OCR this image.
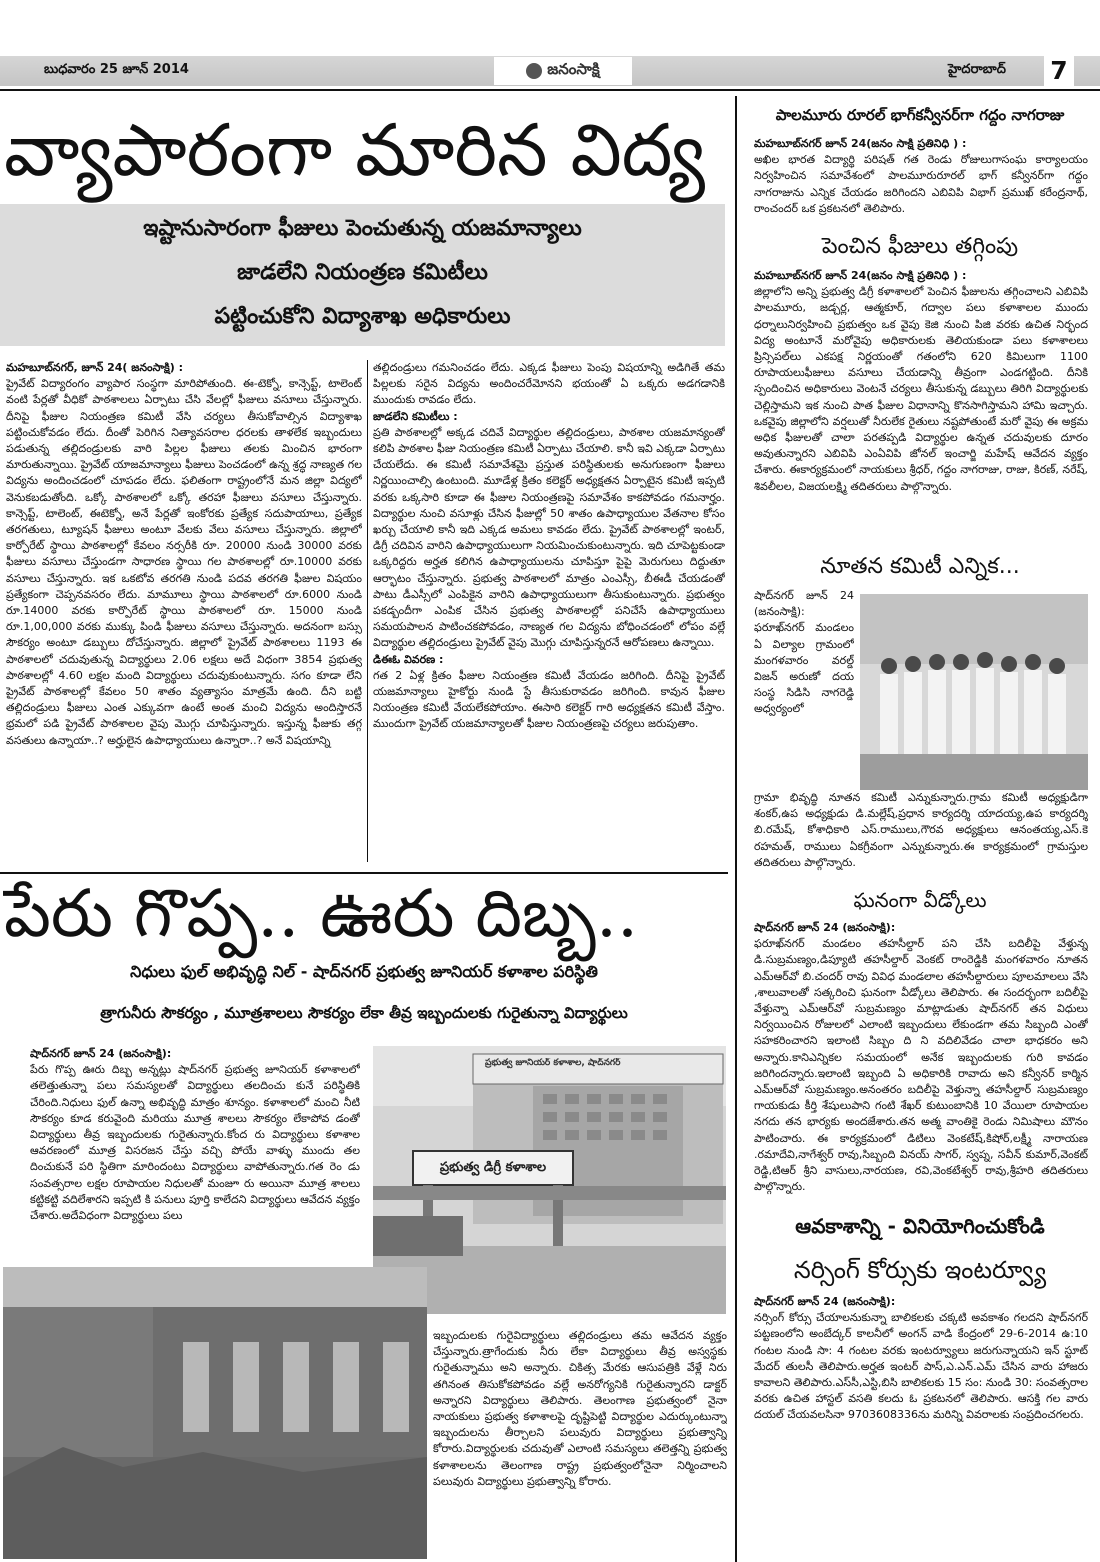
బుధవారం 25 జూన్ 2014	జనంసాక్షి	హైదరాబాద్ 7
వ్యాపారంగా మారిన విద్య
ఇష్టానుసారంగా ఫీజులు పెంచుతున్న యజమాన్యాలు
జాడలేని నియంత్రణ కమిటీలు
పట్టించుకోని విద్యాశాఖ అధికారులు
మహబూబ్‌నగర్, జూన్ 24( జనంసాక్షి) :

ప్రైవేట్ విద్యారంగం వ్యాపార సంస్థగా మారిపోతుంది. ఈ-టెక్నో, కాన్సెప్ట్, టాలెంట్ వంటి పేర్లతో వీధికో పాఠశాలలు ఏర్పాటు చేసి వేలల్లో ఫీజులు వసూలు చేస్తున్నారు. దీనిపై ఫీజుల నియంత్రణ కమిటీ వేసి చర్యలు తీసుకోవాల్సిన విద్యాశాఖ పట్టించుకోవడం లేదు. దీంతో పెరిగిన నిత్యావసరాల ధరలకు తాళలేక ఇబ్బందులు పడుతున్న తల్లిదండ్రులకు వారి పిల్లల ఫీజులు తలకు మించిన భారంగా మారుతున్నాయి. ప్రైవేట్ యాజమాన్యాలు ఫీజులు పెంచడంలో ఉన్న శ్రద్ధ నాణ్యత గల విద్యను అందించడంలో చూపడం లేదు. ఫలితంగా రాష్ట్రంలోనే మన జిల్లా విద్యలో వెనుకబడుతోంది. ఒక్కో పాఠశాలలో ఒక్కో తరహా ఫీజులు వసూలు చేస్తున్నారు. కాన్సెప్ట్, టాలెంట్, ఈటెక్నో, అనే పేర్లతో ఇంకోరకు ప్రత్యేక సదుపాయాలు, ప్రత్యేక తరగతులు, ట్యూషన్ ఫీజులు అంటూ వేలకు వేలు వసూలు చేస్తున్నారు. జిల్లాలో కార్పోరేట్ స్థాయి పాఠశాలల్లో కేవలం నర్సరీకి రూ. 20000 నుండి 30000 వరకు ఫీజులు వసూలు చేస్తుండగా సాధారణ స్థాయి గల పాఠశాలల్లో రూ.10000 వరకు వసూలు చేస్తున్నారు. ఇక ఒకటోవ తరగతి నుండి పదవ తరగతి ఫీజుల విషయం ప్రత్యేకంగా చెప్పనవసరం లేదు. మామూలు స్థాయి పాఠశాలలో రూ.6000 నుండి రూ.14000 వరకు కార్పొరేట్ స్థాయి పాఠశాలలో రూ. 15000 నుండి రూ.1,00,000 వరకు ముక్కు పిండి ఫీజులు వసూలు చేస్తున్నారు. అదనంగా బస్సు సౌకర్యం అంటూ డబ్బులు దోచేస్తున్నారు. జిల్లాలో ప్రైవేట్ పాఠశాలలు 1193 ఈ పాఠశాలలో చదువుతున్న విద్యార్థులు 2.06 లక్షలు అదే విధంగా 3854 ప్రభుత్వ పాఠశాలల్లో 4.60 లక్షల మంది విద్యార్థులు చదువుకుంటున్నారు. సగం కూడా లేని ప్రైవేట్ పాఠశాలల్లో కేవలం 50 శాతం వ్యత్యాసం మాత్రమే ఉంది. దీని బట్టి తల్లిదండ్రులు ఫీజులు ఎంత ఎక్కువగా ఉంటే అంత మంచి విద్యను అందిస్తారనే భ్రమలో పడి ప్రైవేట్ పాఠశాలల వైపు మొగ్గు చూపిస్తున్నారు. ఇస్తున్న ఫీజుకు తగ్గ వసతులు ఉన్నాయా..? అర్హులైన ఉపాధ్యాయులు ఉన్నారా..? అనే విషయాన్ని

తల్లిదండ్రులు గమనించడం లేదు. ఎక్కడ ఫీజులు పెంపు విషయాన్ని అడిగితే తమ పిల్లలకు సరైన విద్యను అందించరేమోనని భయంతో ఏ ఒక్కరు అడగడానికి ముందుకు రావడం లేదు.

జాడలేని కమిటీలు :

ప్రతి పాఠశాలల్లో అక్కడ చదివే విద్యార్థుల తల్లిదండ్రులు, పాఠశాల యజమాన్యంతో కలిపి పాఠశాల ఫీజు నియంత్రణ కమిటీ ఏర్పాటు చేయాలి. కానీ ఇవి ఎక్కడా ఏర్పాటు చేయలేదు. ఈ కమిటీ సమావేశమై ప్రస్తుత పరిస్థితులకు అనుగుణంగా ఫీజులు నిర్ణయించాల్సి ఉంటుంది. మూడేళ్ల క్రితం కలెక్టర్ అధ్యక్షతన ఏర్పాటైన కమిటీ ఇప్పటి వరకు ఒక్కసారి కూడా ఈ ఫీజుల నియంత్రణపై సమావేశం కాకపోవడం గమనార్హం. విద్యార్థుల నుంచి వసూళ్లు చేసిన ఫీజుల్లో 50 శాతం ఉపాధ్యాయుల వేతనాల కోసం ఖర్చు చేయాలి కానీ ఇది ఎక్కడ అమలు కావడం లేదు. ప్రైవేట్ పాఠశాలల్లో ఇంటర్, డిగ్రీ చదివిన వారిని ఉపాధ్యాయులుగా నియమించుకుంటున్నారు. ఇది చూపెట్టకుండా ఒక్కరిద్దరు అర్హత కలిగిన ఉపాధ్యాయులను చూపిస్తూ పైపై మెరుగులు దిద్దుతూ ఆర్భాటం చేస్తున్నారు. ప్రభుత్వ పాఠశాలలో మాత్రం ఎంఎస్సీ, బీఈడీ చేయడంతో పాటు డీఎస్సీలో ఎంపికైన వారిని ఉపాధ్యాయులుగా తీసుకుంటున్నారు. ప్రభుత్వం పకడ్బందీగా ఎంపిక చేసిన ప్రభుత్వ పాఠశాలల్లో పనిచేసే ఉపాధ్యాయులు సమయపాలన పాటించకపోవడం, నాణ్యత గల విద్యను బోధించడంలో లోపం వల్లే విద్యార్థుల తల్లిదండ్రులు ప్రైవేట్ వైపు మొగ్గు చూపిస్తున్నరనే ఆరోపణలు ఉన్నాయి.

డిఈఓ వివరణ :

గత 2 ఏళ్ల క్రితం ఫీజుల నియంత్రణ కమిటీ వేయడం జరిగింది. దీనిపై ప్రైవేట్ యజమాన్యాలు హైకోర్టు నుండి స్టే తీసుకురావడం జరిగింది. కావున ఫీజుల నియంత్రణ కమిటీ వేయలేకపోయాం. ఈసారి కలెక్టర్ గారి అధ్యక్షతన కమిటీ వేస్తాం. ముందుగా ప్రైవేట్ యజమాన్యాలతో ఫీజుల నియంత్రణపై చర్యలు జరుపుతాం.

పేరు గొప్ప.. ఊరు దిబ్బ..
నిధులు ఫుల్ అభివృద్ధి నిల్ - షాద్‌నగర్ ప్రభుత్వ జూనియర్ కళాశాల పరిస్థితి
త్రాగునీరు సౌకర్యం , మూత్రశాలలు సౌకర్యం లేకా తీవ్ర ఇబ్బందులకు గురైతున్నా విద్యార్థులు
షాద్‌నగర్ జూన్ 24 (జనంసాక్షి):

పేరు గొప్ప ఊరు దిబ్బ అన్నట్లు షాద్‌నగర్ ప్రభుత్వ జూనియర్ కళాశాలలో తలెత్తుతున్నా పలు సమస్యలతో విద్యార్థులు తలదించు కునే పరిస్థితికి చేరింది.నిధులు ఫుల్ ఉన్నా అభివృద్ధి మాత్రం శూన్యం. కళాశాలలో మంచి నీటి సౌకర్యం కూడ కరువైంది మరియు మూత్ర శాలలు సౌకర్యం లేకాపోవ డంతో విద్యార్థులు తీవ్ర ఇబ్బందులకు గురైతున్నారు.కోంద రు విద్యార్థులు కళాశాల ఆవరణంలో మూత్ర విసరజన చేస్తు వచ్చి పోయే వాళ్ళు ముందు తల దించుకునే పరి స్థితిగా మారిందంటు విద్యార్థులు వాపోతున్నారు.గత రెం డు సంవత్సరాల లక్షల రూపాయల నిధులతో మంజూ రు అయినా మూత్ర శాలలు కట్టికట్టి వదిలేశారని ఇప్పటి కి పనులు పూర్తి కాలేదని విద్యార్థులు ఆవేదన వ్యక్తం చేశారు.అదేవిధంగా విద్యార్థులు పలు

ప్రభుత్వ జూనియర్ కళాశాల, షాద్‌నగర్
ప్రభుత్వ డిగ్రీ కళాశాల

ఇబ్బందులకు గురైవిద్యార్థులు తల్లిదండ్రులు తమ ఆవేదన వ్యక్తం చేస్తున్నారు.త్రాగేందుకు నీరు లేకా విద్యార్థులు తీవ్ర అస్వస్థకు గురైతున్నాము అని అన్నారు. చికిత్స మేరకు ఆసుపత్రికి వేళ్లే నిరు తగినంత తిసుకోకపోవడం వల్లే అనరోగ్యనికి గురైతున్నారని డాక్టర్ అన్నారని విద్యార్థులు తెలిపారు. తెలంగాణ ప్రభుత్వంలో నైనా నాయకులు ప్రభుత్వ కళాశాలపై దృష్టిపెట్టి విద్యార్థుల ఎదుర్కుంటున్నా ఇబ్బందులను తీర్చాలని పలువురు విద్యార్థులు ప్రభుత్వాన్ని కోరారు.విద్యార్థులకు చదువుతో ఎలాంటి సమస్యలు తలెత్తన్ని ప్రభుత్వ కళాశాలలను తెలంగాణ రాష్ట్ర ప్రభుత్వంలోనైనా నిర్మించాలని పలువురు విద్యార్థులు ప్రభుత్వాన్ని కోరారు.

పాలమూరు రూరల్ భాగ్‌కన్వీనర్‌గా గద్దం నాగరాజు
మహబూబ్‌నగర్ జూన్ 24(జనం సాక్షి ప్రతినిధి ) :

అఖిల భారత విద్యార్థి పరిషత్ గత రెండు రోజులుగాసంఘ కార్యాలయం నిర్వహించిన సమావేశంలో పాలమూరురూరల్ భాగ్ కన్వీనర్‌గా గద్దం నాగరాజును ఎన్నిక చేయడం జరిగిందని ఎబివిపి విభాగ్ ప్రముఖ్ కరేంద్రనాథ్, రాంచందర్ ఒక ప్రకటనలో తెలిపారు.

పెంచిన ఫీజులు తగ్గింపు
మహబూబ్‌నగర్ జూన్ 24(జనం సాక్షి ప్రతినిధి ) :

జిల్లాలోని అన్ని ప్రభుత్వ డిగ్రీ కళాశాలలో పెంచిన ఫీజులను తగ్గించాలని ఎబివిపి పాలమూరు, జడ్చర్ల, ఆత్మకూర్, గద్వాల పలు కళాశాలల ముందు ధర్నాలునిర్వహించి ప్రభుత్వం ఒక వైపు కెజి నుంచి పిజి వరకు ఉచిత నిర్భంద విద్య అంటూనే మరోవైపు అధికారులకు తెలియకుండా పలు కళాశాలలు ప్రిన్సిపల్‌లు ఎకపక్ష నిర్ణయంతో గతంలోని 620 కిమిలుగా 1100 రూపాయలుఫీజులు వసూలు చేయడాన్ని తీవ్రంగా ఎండగట్టింది. దీనికి స్పందించిన అధికారులు వెంటనే చర్యలు తీసుకున్న డబ్బులు తిరిగి విద్యార్థులకు చెల్లిస్తామని ఇక నుంచి పాత ఫీజుల విధానాన్ని కొనసాగిస్తామని హామి ఇచ్చారు. ఒకవైపు జిల్లాలోని వర్షలుతో నీరులేక రైతులు నష్టపోతుంటే మరో వైపు ఈ అక్రమ అధిక ఫీజులతో చాలా పరతప్పడి విద్యార్థుల ఉన్నత చదువులకు దూరం అవుతున్నారని ఎబివిపి ఎంఏవిపి జోనల్ ఇంచార్జి మహేష్ ఆవేదన వ్యక్తం చేశారు. ఈకార్యక్రమంలో నాయకులు శ్రీధర్, గద్దం నాగరాజు, రాజు, కిరణ్, నరేష్, శివలీలల, విజయలక్ష్మి తదితరులు పాల్గొన్నారు.

నూతన కమిటీ ఎన్నిక...

షాద్‌నగర్ జూన్ 24 (జనంసాక్షి): ఫరూఖ్‌నగర్ మండలం ఏ విల్యాల గ్రామంలో మంగళవారం వరల్డ్ విజన్ అరుణో దయ సంస్థ సిడిసి నాగరెడ్డి అధ్వర్యంలో

గ్రామా భివృద్ధి నూతన కమిటీ ఎన్నుకున్నారు.గ్రామ కమిటీ అధ్యక్షుడిగా శంకర్,ఉప అధ్యక్షుడు డి.మల్లేష్,ప్రధాన కార్యదర్శి యాదయ్య,ఉప కార్యదర్శి బి.రమేష్, కోశాధికారి ఎస్.రాములు,గౌరవ అధ్యక్షులు ఆనంతయ్య,ఎస్.కె రహమత్, రాములు ఏకగ్రీవంగా ఎన్నుకున్నారు.ఈ కార్యక్రమంలో గ్రామస్తుల తదితరులు పాల్గొన్నారు.

ఘనంగా వీడ్కోలు
షాద్‌నగర్ జూన్ 24 (జనంసాక్షి):

ఫరూఖ్‌నగర్ మండలం తహసీల్దార్ పని చేసి బదిలీపై వేళ్తున్న డి.సుబ్రమణ్యం,డిప్యూటి తహసీల్దార్ వెంకట్ రాంరెడ్డికి మంగళవారం నూతన ఎమ్ఆర్‌వో బి.చందర్ రావు వివిధ మండలాల తహసీల్దారులు పూలమాలలు వేసి ,శాలువాలతో సత్కరించి ఘనంగా వీడ్కోలు తెలిపారు. ఈ సందర్భంగా బదిలీపై వేళ్తున్నా ఎమ్ఆర్‌వో సుబ్రమణ్యం మాట్లాడుతు షాద్‌నగర్ తన విధులు నిర్వయించిన రోజులలో ఎలాంటి ఇబ్బందులు లేకుండగా తమ సిబ్బంది ఎంతో సహకరించారని ఇలాంటి సిబ్బం ది ని వదిలివేడం చాలా భాధకరం అని అన్నారు.కానిఎన్నికల సమయంలో అనేక ఇబ్బందులకు గురి కావడం జరిగిందన్నారు.ఇలాంటి ఇబ్బంది ఏ అధికారికి రావాదు అని కన్వీనర్ కార్మిన ఎమ్ఆర్‌వో సుబ్రమణ్యం.అనంతరం బదిలీపై వెళ్తున్నా తహసీల్దార్ సుబ్రమణ్యం గాయకుడు కీర్తి శేషులుపాని గంటి శేఖర్ కుటుంబానికి 10 వేయిలా రూపాయల నగదు తన భార్యకు అందజేశారు.తన అత్మ వాంతికై రెండు నిమిషాలు మౌనం పాటించారు. ఈ కార్యక్రమంలో డిటిలు వెంకటేష్,కిషోర్,లక్ష్మీ నారాయణ .రమాదేవి,నాగేశ్వర్ రావు,సిబ్బంది వినయ్ సాగర్, స్వప్న, సవీన్ కుమార్,వెంకట్ రెడ్డి,టిఆర్ శ్రీని వాసులు,నారయణ, రవి,వెంకటేశ్వర్ రావు,శ్రీహరి తదితరులు పాల్గొన్నారు.

ఆవకాశాన్ని - వినియోగించుకోండి
నర్సింగ్ కోర్సుకు ఇంటర్వ్యూ
షాద్‌నగర్ జూన్ 24 (జనంసాక్షి):

నర్సింగ్ కోర్సు చేయాలనుకున్నా బాలికలకు చక్కటి అవకాశం గలదని షాద్‌నగర్ పట్టణంలోని అంబేద్కర్ కాలనీలో అంగన్ వాడి కేంద్రంలో 29-6-2014 ఉ:10 గంటల నుండి సా: 4 గంటల వరకు ఇంటర్వ్యూలు జరుగున్నాయని ఇన్ స్టూట్ మేదర్ తులసీ తెలిపారు.అర్హత ఇంటర్ పాస్,ఎ.ఎన్.ఎమ్ చేసిన వారు హాజరు కావాలని తెలిపారు.ఎస్‌సీ,ఎస్టి,బిసి బాలికలకు 15 సం: నుండి 30: సంవత్సరాల వరకు ఉచిత హాస్టల్ వసతి కలదు ఓ ప్రకటనలో తెలిపారు. ఆసక్తి గల వారు దయల్ చేయవలసినా 9703608336ను మరిన్ని వివరాలకు సంప్రదించగలరు.
